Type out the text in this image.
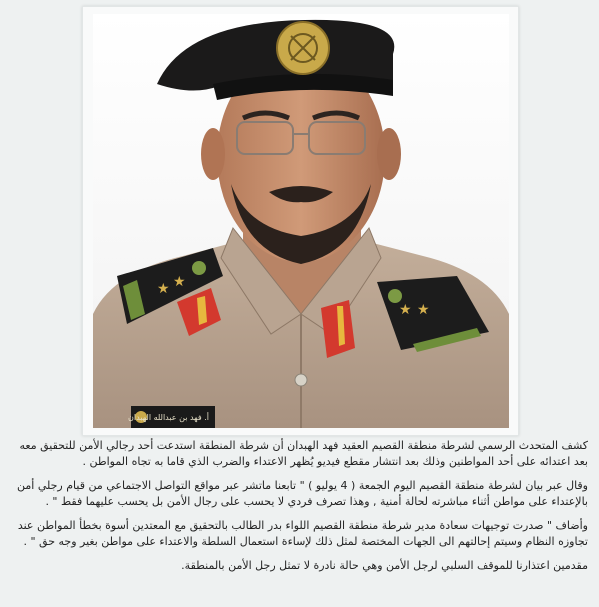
★ ★
★ ★
أ. فهد بن عبدالله الهبدان

كشف المتحدث الرسمي لشرطة منطقة القصيم العقيد فهد الهبدان أن شرطة المنطقة استدعت أحد رجالي الأمن للتحقيق معه بعد اعتدائه على أحد المواطنين وذلك بعد انتشار مقطع فيديو يُظهر الاعتداء والضرب الذي قاما به تجاه المواطن .

وقال عبر بيان لشرطة منطقة القصيم اليوم الجمعة ( 4 يوليو ) " تابعنا ماتشر عبر مواقع التواصل الاجتماعي من قيام رجلي أمن بالإعتداء على مواطن أثناء مباشرته لحالة أمنية , وهذا تصرف فردي لا يحسب على رجال الأمن بل يحسب عليهما فقط " .

وأضاف " صدرت توجيهات سعادة مدير شرطة منطقة القصيم اللواء بدر الطالب بالتحقيق مع المعتدين أسوة بخطأ المواطن عند تجاوزه النظام وسيتم إحالتهم الى الجهات المختصة لمثل ذلك لإساءة استعمال السلطة والاعتداء على مواطن بغير وجه حق " .

مقدمين اعتذارنا للموقف السلبي لرجل الأمن وهي حالة نادرة لا تمثل رجل الأمن بالمنطقة.
